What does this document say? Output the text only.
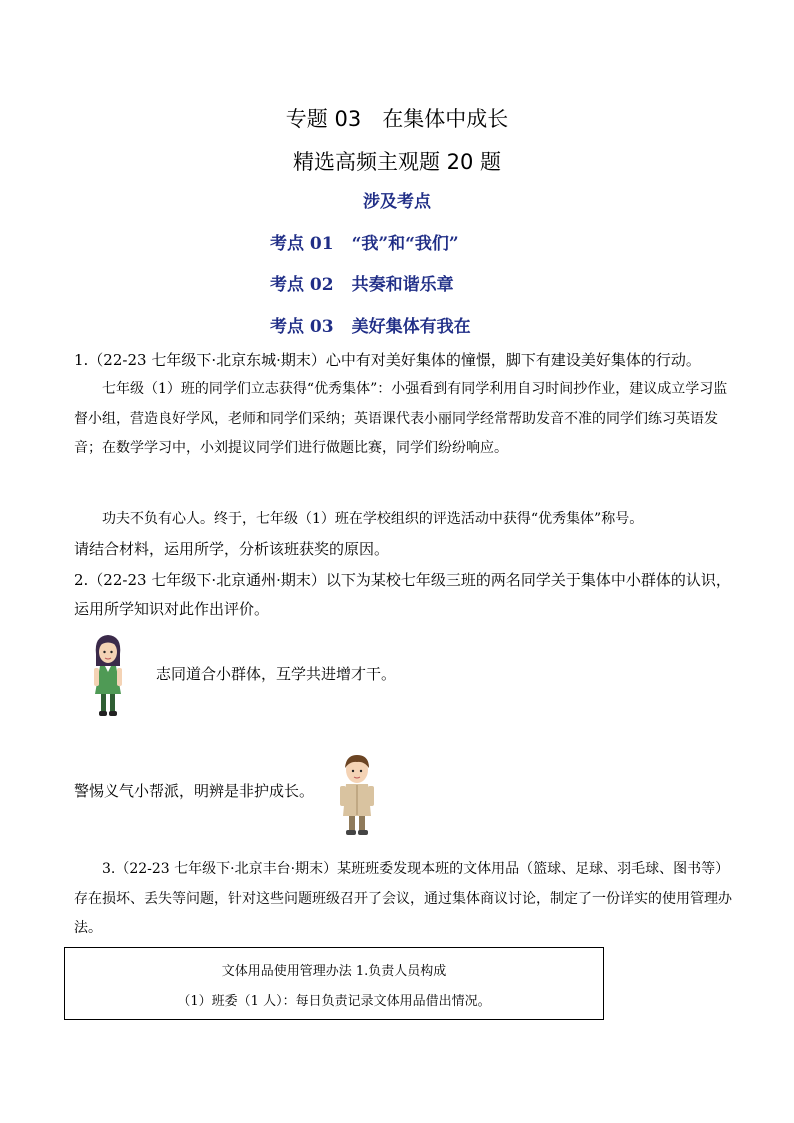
专题 03　在集体中成长
精选高频主观题 20 题
涉及考点
考点 01 “我”和“我们”
考点 02 共奏和谐乐章
考点 03 美好集体有我在
1.（22-23 七年级下·北京东城·期末）心中有对美好集体的憧憬，脚下有建设美好集体的行动。
七年级（1）班的同学们立志获得“优秀集体”：小强看到有同学利用自习时间抄作业，建议成立学习监督小组，营造良好学风，老师和同学们采纳；英语课代表小丽同学经常帮助发音不准的同学们练习英语发音；在数学学习中，小刘提议同学们进行做题比赛，同学们纷纷响应。
功夫不负有心人。终于，七年级（1）班在学校组织的评选活动中获得“优秀集体”称号。
请结合材料，运用所学，分析该班获奖的原因。
2.（22-23 七年级下·北京通州·期末）以下为某校七年级三班的两名同学关于集体中小群体的认识，运用所学知识对此作出评价。
志同道合小群体，互学共进增才干。
警惕义气小帮派，明辨是非护成长。
3.（22-23 七年级下·北京丰台·期末）某班班委发现本班的文体用品（篮球、足球、羽毛球、图书等）存在损坏、丢失等问题，针对这些问题班级召开了会议，通过集体商议讨论，制定了一份详实的使用管理办法。
文体用品使用管理办法 1.负责人员构成
（1）班委（1 人）：每日负责记录文体用品借出情况。
